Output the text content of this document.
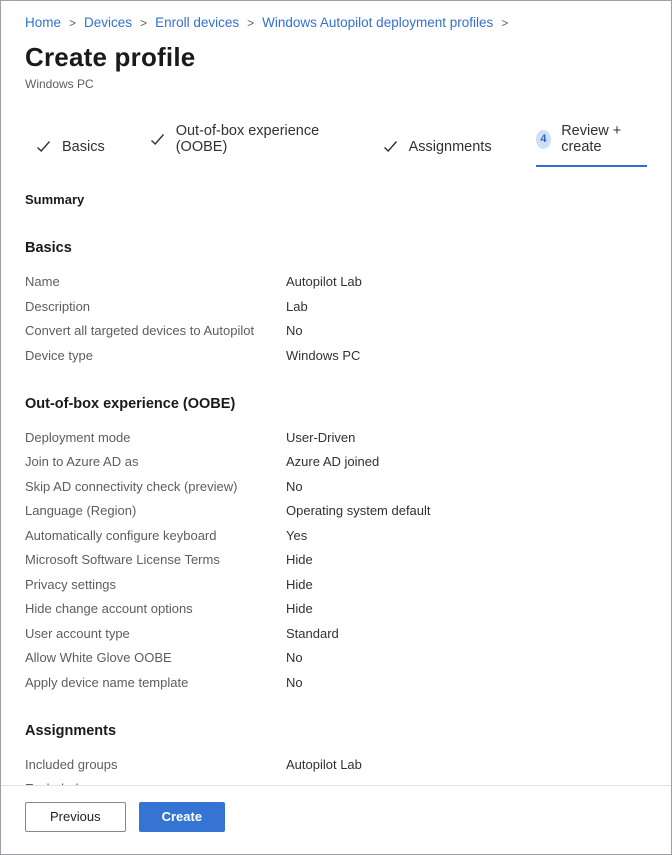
Home > Devices > Enroll devices > Windows Autopilot deployment profiles >
Create profile
Windows PC
Basics
Out-of-box experience (OOBE)	Assignments	4	Review + create
Summary
Basics
Name	Autopilot Lab
Description	Lab
Convert all targeted devices to Autopilot	No
Device type	Windows PC
Out-of-box experience (OOBE)
Deployment mode	User-Driven
Join to Azure AD as	Azure AD joined
Skip AD connectivity check (preview)	No
Language (Region)	Operating system default
Automatically configure keyboard	Yes
Microsoft Software License Terms	Hide
Privacy settings	Hide
Hide change account options	Hide
User account type	Standard
Allow White Glove OOBE	No
Apply device name template	No
Assignments
Included groups	Autopilot Lab
Previous	Create
